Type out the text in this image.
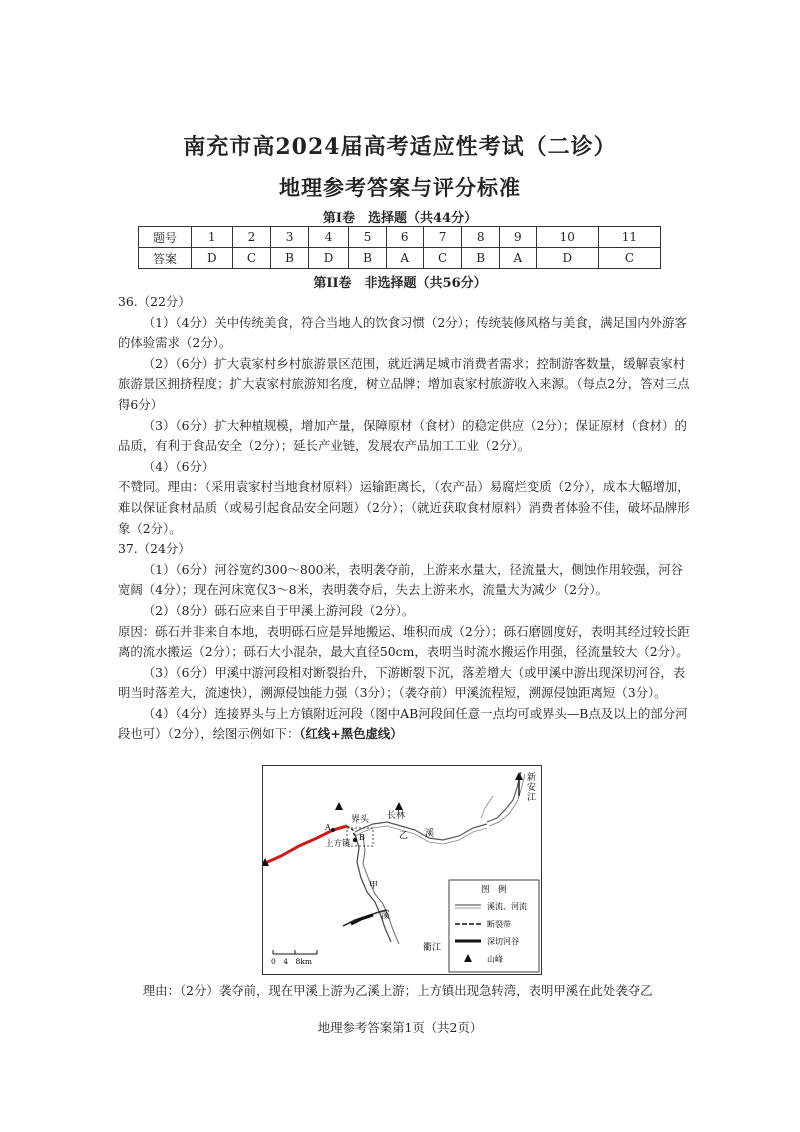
南充市高2024届高考适应性考试（二诊）
地理参考答案与评分标准
第I卷　选择题（共44分）
题号	1	2	3	4	5	6	7	8	9	10	11
答案	D	C	B	D	B	A	C	B	A	D	C
第II卷　非选择题（共56分）

36.（22分）

（1）（4分）关中传统美食，符合当地人的饮食习惯（2分）；传统装修风格与美食，满足国内外游客的体验需求（2分）。

（2）（6分）扩大袁家村乡村旅游景区范围，就近满足城市消费者需求；控制游客数量，缓解袁家村旅游景区拥挤程度；扩大袁家村旅游知名度，树立品牌；增加袁家村旅游收入来源。（每点2分，答对三点得6分）

（3）（6分）扩大种植规模，增加产量，保障原材（食材）的稳定供应（2分）；保证原材（食材）的品质，有利于食品安全（2分）；延长产业链，发展农产品加工工业（2分）。

（4）（6分）

不赞同。理由：（采用袁家村当地食材原料）运输距离长，（农产品）易腐烂变质（2分），成本大幅增加，难以保证食材品质（或易引起食品安全问题）（2分）；（就近获取食材原料）消费者体验不佳，破坏品牌形象（2分）。

37.（24分）

（1）（6分）河谷宽约300～800米，表明袭夺前，上游来水量大，径流量大，侧蚀作用较强，河谷宽阔（4分）；现在河床宽仅3～8米，表明袭夺后，失去上游来水，流量大为减少（2分）。

（2）（8分）砾石应来自于甲溪上游河段（2分）。

原因：砾石并非来自本地，表明砾石应是异地搬运、堆积而成（2分）；砾石磨圆度好，表明其经过较长距离的流水搬运（2分）；砾石大小混杂，最大直径50cm，表明当时流水搬运作用强，径流量较大（2分）。

（3）（6分）甲溪中游河段相对断裂抬升，下游断裂下沉，落差增大（或甲溪中游出现深切河谷，表明当时落差大，流速快），溯源侵蚀能力强（3分）；（袭夺前）甲溪流程短，溯源侵蚀距离短（3分）。

（4）（4分）连接界头与上方镇附近河段（图中AB河段间任意一点均可或界头—B点及以上的部分河段也可）（2分），绘图示例如下：（红线+黑色虚线）

新
安
江
界头 长林
乙 溪
上方镇
A
B
甲
溪
衢江
0　4　8km
图　例
溪流、河流
断裂带
深切河谷
山峰
理由：（2分）袭夺前，现在甲溪上游为乙溪上游；上方镇出现急转湾，表明甲溪在此处袭夺乙
地理参考答案第1页（共2页）
